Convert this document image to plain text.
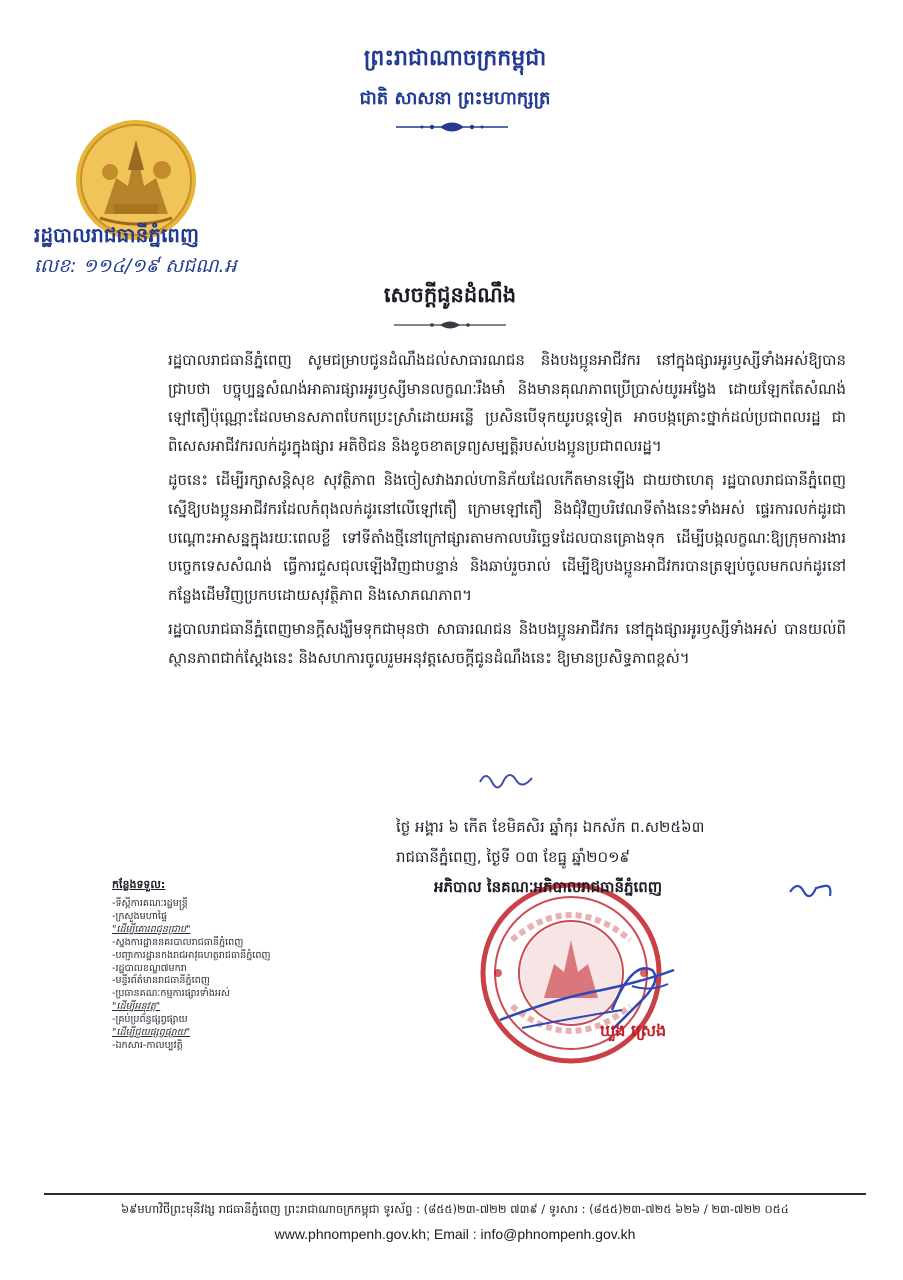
ព្រះរាជាណាចក្រកម្ពុជា
ជាតិ សាសនា ព្រះមហាក្សត្រ
រដ្ឋបាលរាជធានីភ្នំពេញ
លេខ: ១១៤/១៩ សជណ.អ
សេចក្តីជូនដំណឹង

រដ្ឋបាលរាជធានីភ្នំពេញ សូមជម្រាបជូនដំណឹងដល់សាធារណជន និងបងប្អូនអាជីវករ នៅក្នុងផ្សារអូរឫស្សីទាំងអស់ឱ្យបានជ្រាបថា បច្ចុប្បន្នសំណង់អាគារផ្សារអូរឫស្សីមានលក្ខណៈរឹងមាំ និងមានគុណភាពប្រើប្រាស់យូរអង្វែង ដោយឡែកតែសំណង់ឡៅតឿប៉ុណ្ណោះដែលមានសភាពបែកប្រេះស្រាំដោយអន្លើ ប្រសិនបើទុកយូរបន្តទៀត អាចបង្កគ្រោះថ្នាក់ដល់ប្រជាពលរដ្ឋ ជាពិសេសអាជីវករលក់ដូរក្នុងផ្សារ អតិថិជន និងខូចខាតទ្រព្យសម្បត្តិរបស់បងប្អូនប្រជាពលរដ្ឋ។

ដូចនេះ ដើម្បីរក្សាសន្តិសុខ សុវត្ថិភាព និងចៀសវាងរាល់ហានិភ័យដែលកើតមានឡើង ជាយថាហេតុ រដ្ឋបាលរាជធានីភ្នំពេញ ស្នើឱ្យបងប្អូនអាជីវករដែលកំពុងលក់ដូរនៅលើឡៅតឿ ក្រោមឡៅតឿ និងជុំវិញបរិវេណទីតាំងនេះទាំងអស់ ផ្ទេរការលក់ដូរជាបណ្តោះអាសន្នក្នុងរយៈពេលខ្លី ទៅទីតាំងថ្មីនៅក្រៅផ្សារតាមកាលបរិច្ឆេទដែលបានគ្រោងទុក ដើម្បីបង្កលក្ខណៈឱ្យក្រុមការងារបច្ចេកទេសសំណង់ ធ្វើការជួសជុលឡើងវិញជាបន្ទាន់ និងឆាប់រួចរាល់ ដើម្បីឱ្យបងប្អូនអាជីវករបានត្រឡប់ចូលមកលក់ដូរនៅកន្លែងដើមវិញប្រកបដោយសុវត្ថិភាព និងសោភណភាព។

រដ្ឋបាលរាជធានីភ្នំពេញមានក្តីសង្ឃឹមទុកជាមុនថា សាធារណជន និងបងប្អូនអាជីវករ នៅក្នុងផ្សារអូរឫស្សីទាំងអស់ បានយល់ពីស្ថានភាពជាក់ស្តែងនេះ និងសហការចូលរួមអនុវត្តសេចក្តីជូនដំណឹងនេះ ឱ្យមានប្រសិទ្ធភាពខ្ពស់។

ថ្ងៃ អង្គារ ៦ កើត ខែមិគសិរ ឆ្នាំកុរ ឯកស័ក ព.ស២៥៦៣
រាជធានីភ្នំពេញ, ថ្ងៃទី ០៣ ខែធ្នូ ឆ្នាំ២០១៩
អភិបាល នៃគណៈអភិបាលរាជធានីភ្នំពេញ
ឃួង ស្រេង
កន្លែងទទួល:
-ទីស្តីការគណៈរដ្ឋមន្ត្រី
-ក្រសួងមហាផ្ទៃ
"ដើម្បីគោរពជូនជ្រាប"
-ស្នងការដ្ឋាននគរបាលរាជធានីភ្នំពេញ
-បញ្ជាការដ្ឋានកងរាជអាវុធហត្ថរាជធានីភ្នំពេញ
-រដ្ឋបាលខណ្ឌ៧មករា
-មន្ទីរព័ត៌មានរាជធានីភ្នំពេញ
-ប្រធានគណៈកម្មការផ្សារទាំងអស់
"ដើម្បីអនុវត្ត"
-គ្រប់ប្រព័ន្ធផ្សព្វផ្សាយ
"ដើម្បីជួយផ្សព្វផ្សាយ"
-ឯកសារ-កាលប្បវត្តិ
៦៩មហាវិថីព្រះមុនីវង្ស រាជធានីភ្នំពេញ ព្រះរាជាណាចក្រកម្ពុជា ទូរស័ព្ទ : (៨៥៥)២៣-៧២២ ៧៣៩ / ទូរសារ : (៨៥៥)២៣-៧២៥ ៦២៦ / ២៣-៧២២ ០៥៤
www.phnompenh.gov.kh; Email : info@phnompenh.gov.kh
